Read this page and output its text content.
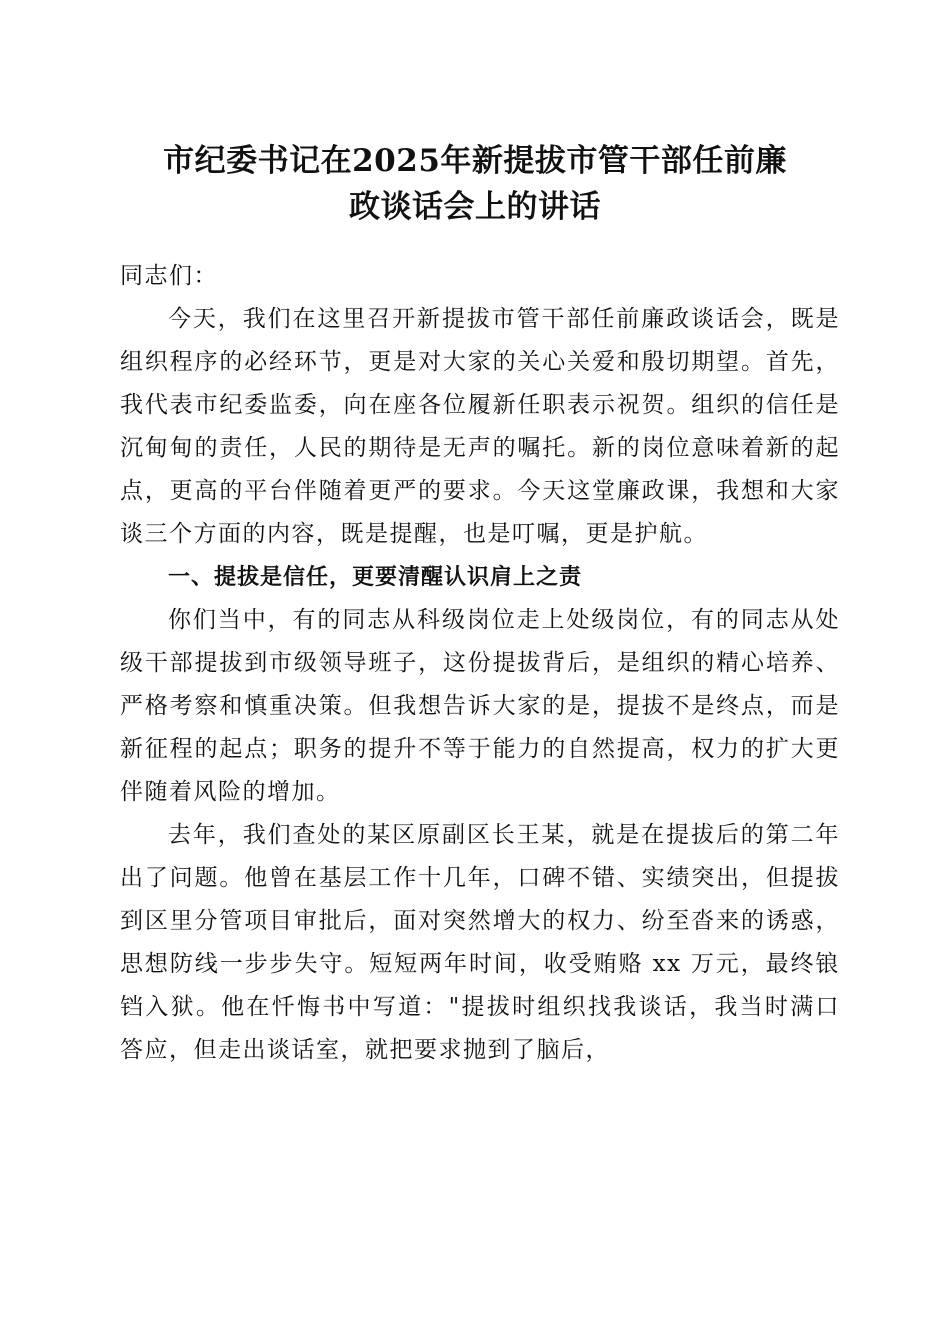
市纪委书记在2025年新提拔市管干部任前廉
政谈话会上的讲话

同志们：

今天，我们在这里召开新提拔市管干部任前廉政谈话会，既是组织程序的必经环节，更是对大家的关心关爱和殷切期望。首先，我代表市纪委监委，向在座各位履新任职表示祝贺。组织的信任是沉甸甸的责任，人民的期待是无声的嘱托。新的岗位意味着新的起点，更高的平台伴随着更严的要求。今天这堂廉政课，我想和大家谈三个方面的内容，既是提醒，也是叮嘱，更是护航。

一、提拔是信任，更要清醒认识肩上之责

你们当中，有的同志从科级岗位走上处级岗位，有的同志从处级干部提拔到市级领导班子，这份提拔背后，是组织的精心培养、严格考察和慎重决策。但我想告诉大家的是，提拔不是终点，而是新征程的起点；职务的提升不等于能力的自然提高，权力的扩大更伴随着风险的增加。

去年，我们查处的某区原副区长王某，就是在提拔后的第二年出了问题。他曾在基层工作十几年，口碑不错、实绩突出，但提拔到区里分管项目审批后，面对突然增大的权力、纷至沓来的诱惑，思想防线一步步失守。短短两年时间，收受贿赂 xx 万元，最终锒铛入狱。他在忏悔书中写道："提拔时组织找我谈话，我当时满口答应，但走出谈话室，就把要求抛到了脑后，
